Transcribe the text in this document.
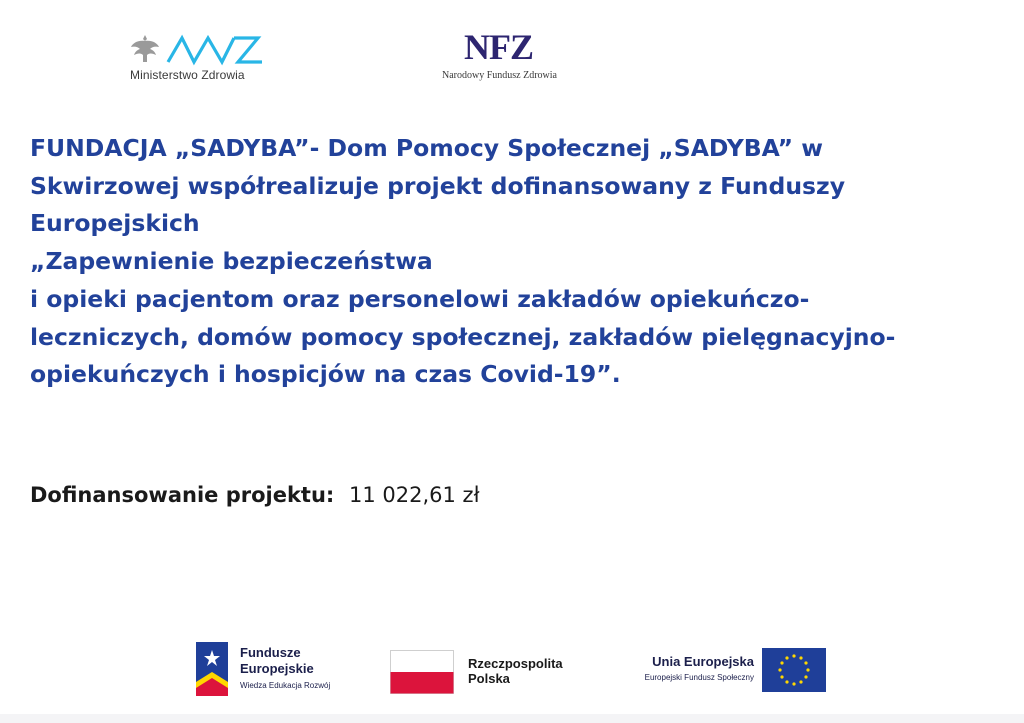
Ministerstwo Zdrowia
NFZ
Narodowy Fundusz Zdrowia
FUNDACJA „SADYBA”- Dom Pomocy Społecznej „SADYBA” w
Skwirzowej współrealizuje projekt dofinansowany z Funduszy
Europejskich
„Zapewnienie bezpieczeństwa
i opieki pacjentom oraz personelowi zakładów opiekuńczo-
leczniczych, domów pomocy społecznej, zakładów pielęgnacyjno-
opiekuńczych i hospicjów na czas Covid-19”.
Dofinansowanie projektu: 11 022,61 zł
Fundusze
Europejskie
Wiedza Edukacja Rozwój
Rzeczpospolita
Polska
Unia Europejska
Europejski Fundusz Społeczny
